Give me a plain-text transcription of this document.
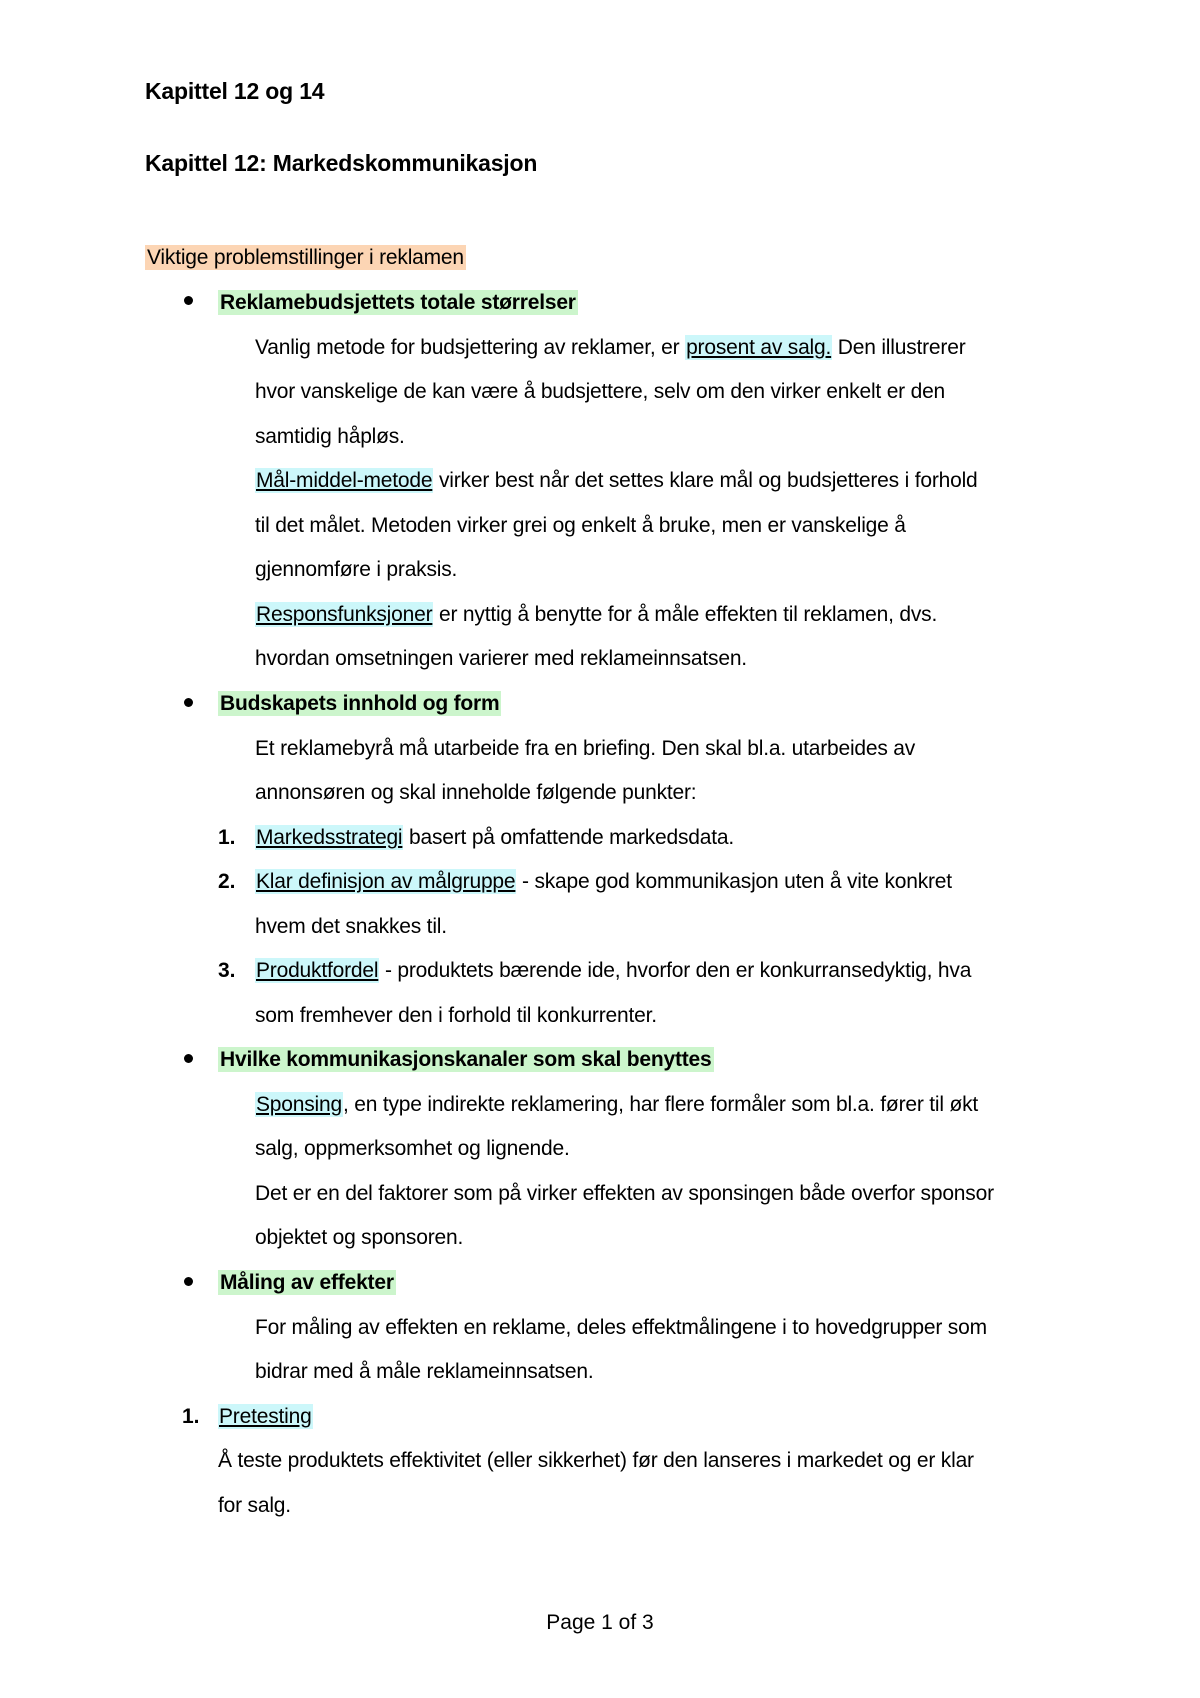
Kapittel 12 og 14
Kapittel 12: Markedskommunikasjon
Viktige problemstillinger i reklamen
Reklamebudsjettets totale størrelser
Vanlig metode for budsjettering av reklamer, er prosent av salg. Den illustrerer
hvor vanskelige de kan være å budsjettere, selv om den virker enkelt er den
samtidig håpløs.
Mål-middel-metode virker best når det settes klare mål og budsjetteres i forhold
til det målet. Metoden virker grei og enkelt å bruke, men er vanskelige å
gjennomføre i praksis.
Responsfunksjoner er nyttig å benytte for å måle effekten til reklamen, dvs.
hvordan omsetningen varierer med reklameinnsatsen.
Budskapets innhold og form
Et reklamebyrå må utarbeide fra en briefing. Den skal bl.a. utarbeides av
annonsøren og skal inneholde følgende punkter:
1. Markedsstrategi basert på omfattende markedsdata.
2. Klar definisjon av målgruppe - skape god kommunikasjon uten å vite konkret
hvem det snakkes til.
3. Produktfordel - produktets bærende ide, hvorfor den er konkurransedyktig, hva
som fremhever den i forhold til konkurrenter.
Hvilke kommunikasjonskanaler som skal benyttes
Sponsing, en type indirekte reklamering, har flere formåler som bl.a. fører til økt
salg, oppmerksomhet og lignende.
Det er en del faktorer som på virker effekten av sponsingen både overfor sponsor
objektet og sponsoren.
Måling av effekter
For måling av effekten en reklame, deles effektmålingene i to hovedgrupper som
bidrar med å måle reklameinnsatsen.
1. Pretesting
Å teste produktets effektivitet (eller sikkerhet) før den lanseres i markedet og er klar
for salg.
Page 1 of 3
